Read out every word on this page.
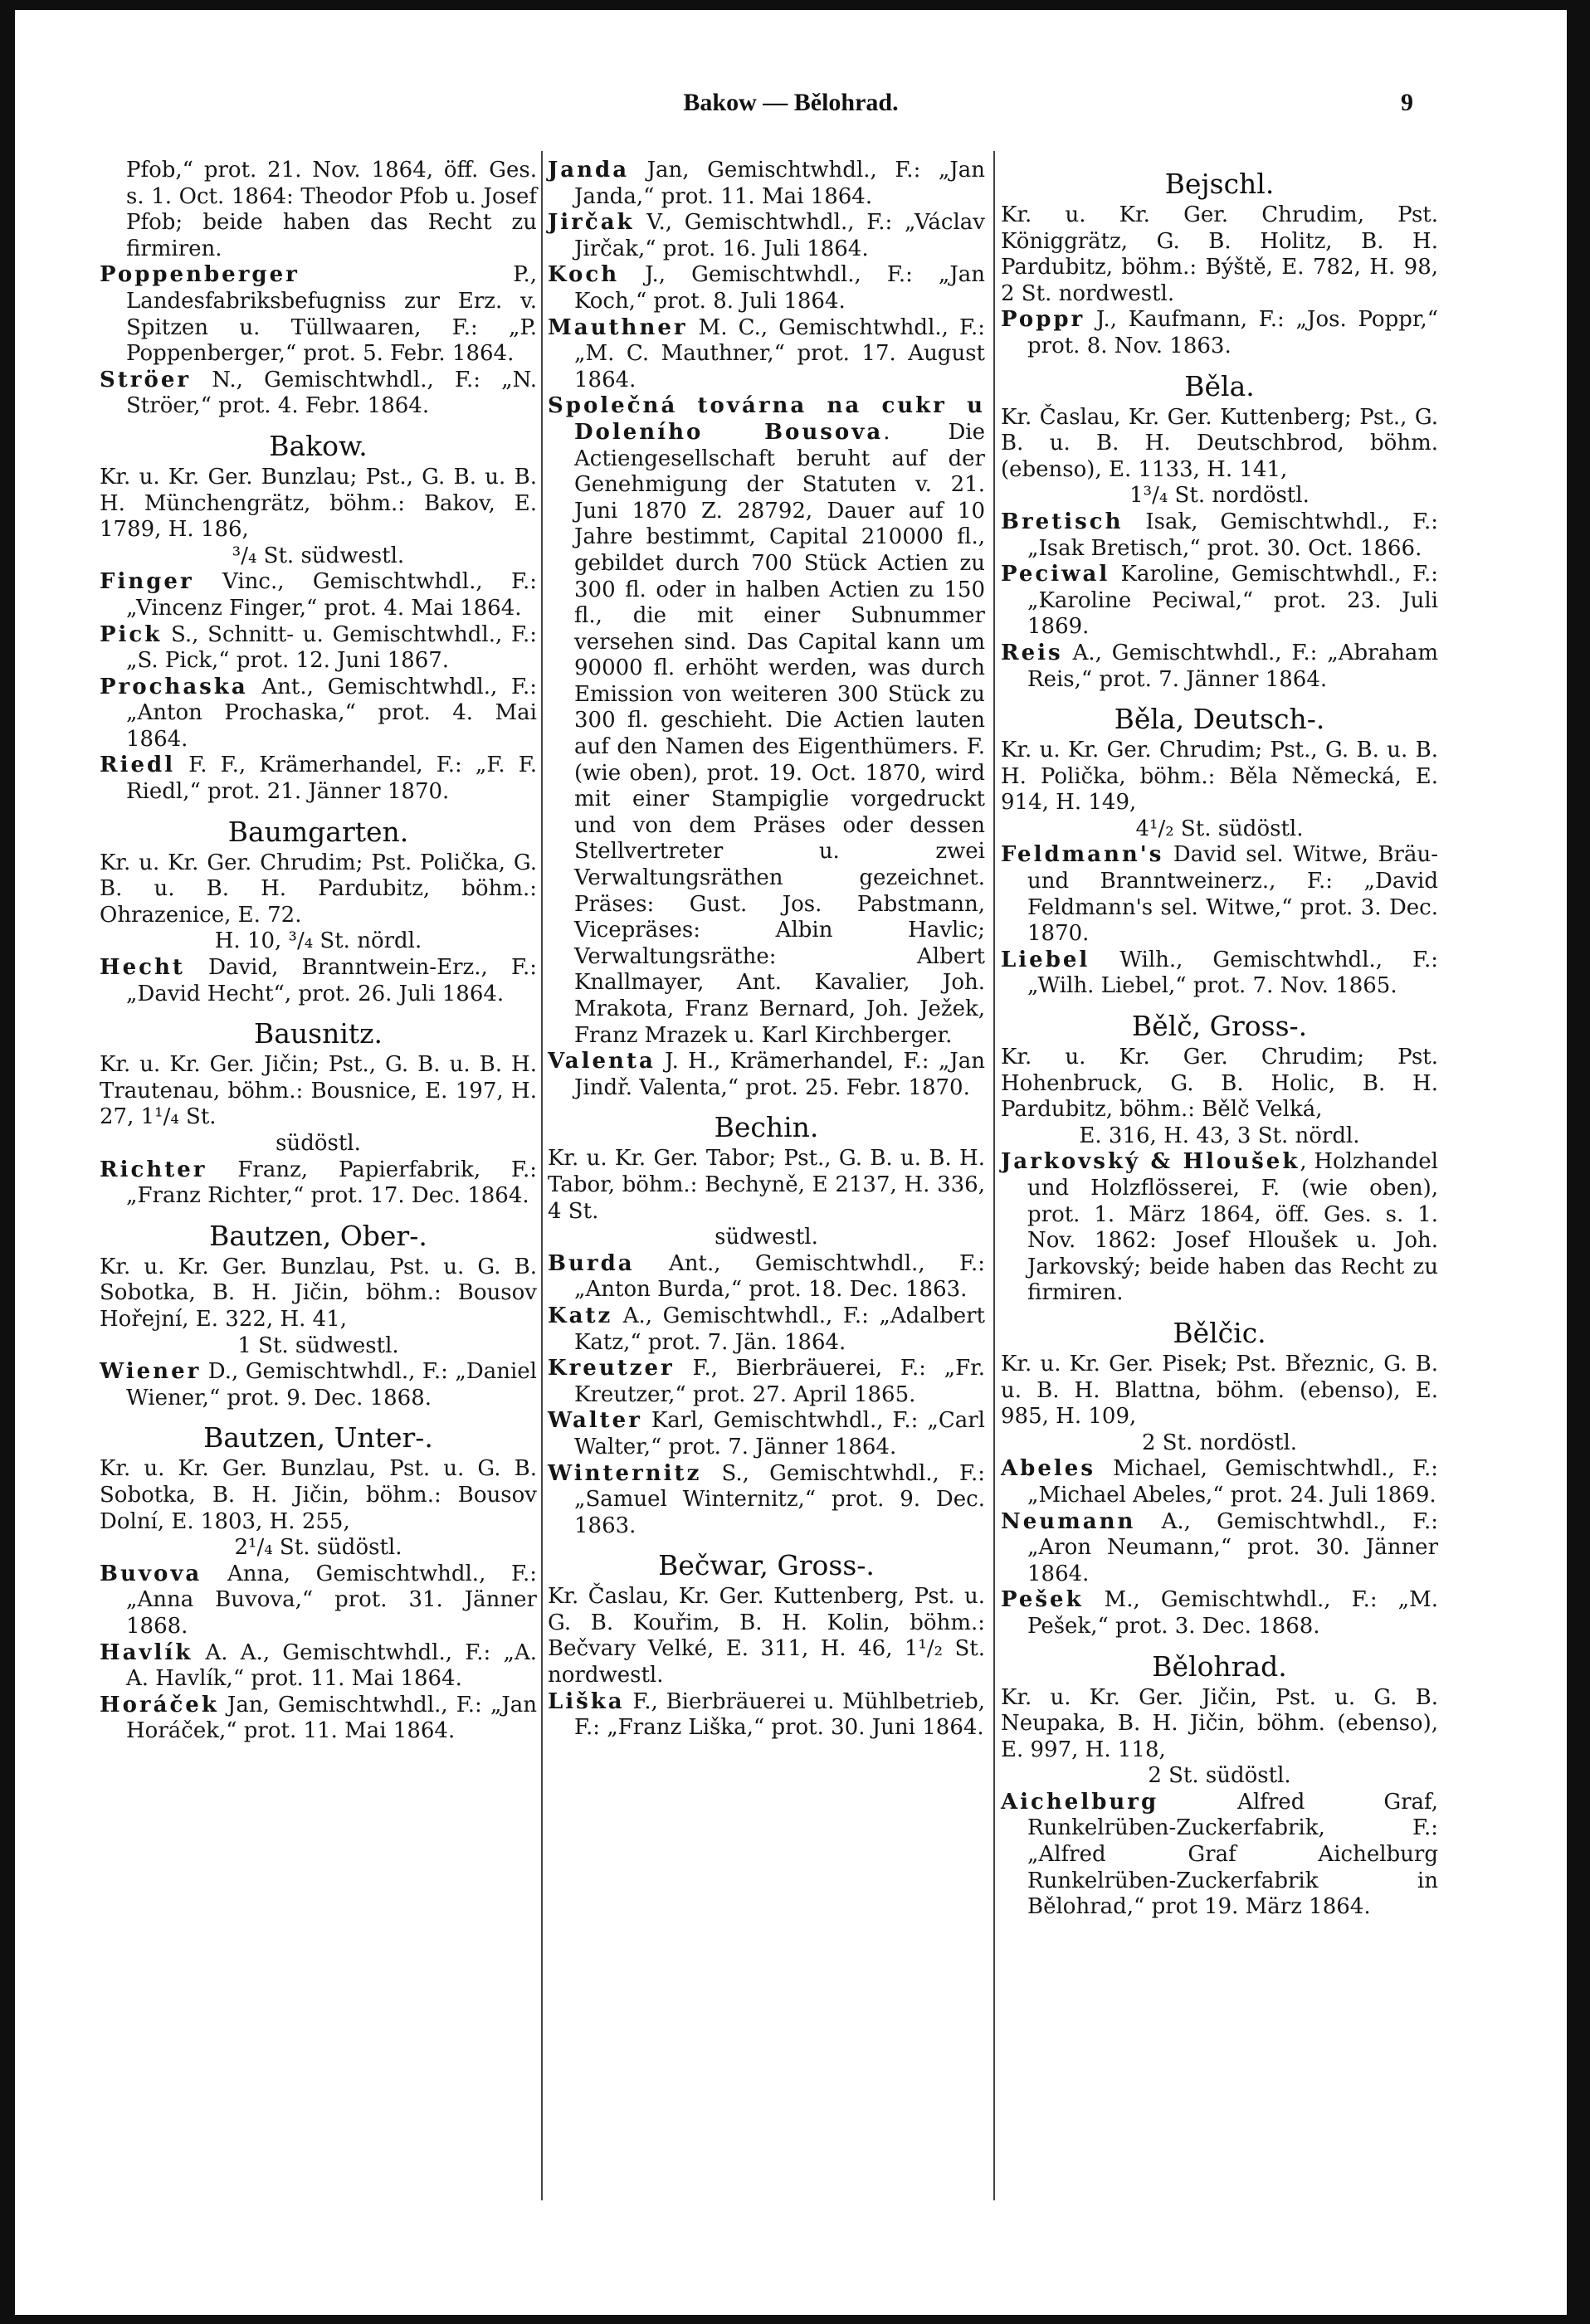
Bakow — Bělohrad.	9

Pfob,“ prot. 21. Nov. 1864, öff. Ges. s. 1. Oct. 1864: Theodor Pfob u. Josef Pfob; beide haben das Recht zu firmiren.

Poppenberger P., Landesfabriksbefugniss zur Erz. v. Spitzen u. Tüllwaaren, F.: „P. Poppenberger,“ prot. 5. Febr. 1864.

Ströer N., Gemischtwhdl., F.: „N. Ströer,“ prot. 4. Febr. 1864.

Bakow.

Kr. u. Kr. Ger. Bunzlau; Pst., G. B. u. B. H. Münchengrätz, böhm.: Bakov, E. 1789, H. 186,
³/₄ St. südwestl.

Finger Vinc., Gemischtwhdl., F.: „Vincenz Finger,“ prot. 4. Mai 1864.

Pick S., Schnitt- u. Gemischtwhdl., F.: „S. Pick,“ prot. 12. Juni 1867.

Prochaska Ant., Gemischtwhdl., F.: „Anton Prochaska,“ prot. 4. Mai 1864.

Riedl F. F., Krämerhandel, F.: „F. F. Riedl,“ prot. 21. Jänner 1870.

Baumgarten.

Kr. u. Kr. Ger. Chrudim; Pst. Polička, G. B. u. B. H. Pardubitz, böhm.: Ohrazenice, E. 72.
H. 10, ³/₄ St. nördl.

Hecht David, Branntwein-Erz., F.: „David Hecht“, prot. 26. Juli 1864.

Bausnitz.

Kr. u. Kr. Ger. Jičin; Pst., G. B. u. B. H. Trautenau, böhm.: Bousnice, E. 197, H. 27, 1¹/₄ St.
südöstl.

Richter Franz, Papierfabrik, F.: „Franz Richter,“ prot. 17. Dec. 1864.

Bautzen, Ober-.

Kr. u. Kr. Ger. Bunzlau, Pst. u. G. B. Sobotka, B. H. Jičin, böhm.: Bousov Hořejní, E. 322, H. 41,
1 St. südwestl.

Wiener D., Gemischtwhdl., F.: „Daniel Wiener,“ prot. 9. Dec. 1868.

Bautzen, Unter-.

Kr. u. Kr. Ger. Bunzlau, Pst. u. G. B. Sobotka, B. H. Jičin, böhm.: Bousov Dolní, E. 1803, H. 255,
2¹/₄ St. südöstl.

Buvova Anna, Gemischtwhdl., F.: „Anna Buvova,“ prot. 31. Jänner 1868.

Havlík A. A., Gemischtwhdl., F.: „A. A. Havlík,“ prot. 11. Mai 1864.

Horáček Jan, Gemischtwhdl., F.: „Jan Horáček,“ prot. 11. Mai 1864.

Janda Jan, Gemischtwhdl., F.: „Jan Janda,“ prot. 11. Mai 1864.

Jirčak V., Gemischtwhdl., F.: „Václav Jirčak,“ prot. 16. Juli 1864.

Koch J., Gemischtwhdl., F.: „Jan Koch,“ prot. 8. Juli 1864.

Mauthner M. C., Gemischtwhdl., F.: „M. C. Mauthner,“ prot. 17. August 1864.

Společná továrna na cukr u Doleního Bousova. Die Actiengesellschaft beruht auf der Genehmigung der Statuten v. 21. Juni 1870 Z. 28792, Dauer auf 10 Jahre bestimmt, Capital 210000 fl., gebildet durch 700 Stück Actien zu 300 fl. oder in halben Actien zu 150 fl., die mit einer Subnummer versehen sind. Das Capital kann um 90000 fl. erhöht werden, was durch Emission von weiteren 300 Stück zu 300 fl. geschieht. Die Actien lauten auf den Namen des Eigenthümers. F. (wie oben), prot. 19. Oct. 1870, wird mit einer Stampiglie vorgedruckt und von dem Präses oder dessen Stellvertreter u. zwei Verwaltungsräthen gezeichnet. Präses: Gust. Jos. Pabstmann, Vicepräses: Albin Havlic; Verwaltungsräthe: Albert Knallmayer, Ant. Kavalier, Joh. Mrakota, Franz Bernard, Joh. Ježek, Franz Mrazek u. Karl Kirchberger.

Valenta J. H., Krämerhandel, F.: „Jan Jindř. Valenta,“ prot. 25. Febr. 1870.

Bechin.

Kr. u. Kr. Ger. Tabor; Pst., G. B. u. B. H. Tabor, böhm.: Bechyně, E 2137, H. 336, 4 St.
südwestl.

Burda Ant., Gemischtwhdl., F.: „Anton Burda,“ prot. 18. Dec. 1863.

Katz A., Gemischtwhdl., F.: „Adalbert Katz,“ prot. 7. Jän. 1864.

Kreutzer F., Bierbräuerei, F.: „Fr. Kreutzer,“ prot. 27. April 1865.

Walter Karl, Gemischtwhdl., F.: „Carl Walter,“ prot. 7. Jänner 1864.

Winternitz S., Gemischtwhdl., F.: „Samuel Winternitz,“ prot. 9. Dec. 1863.

Bečwar, Gross-.

Kr. Časlau, Kr. Ger. Kuttenberg, Pst. u. G. B. Kouřim, B. H. Kolin, böhm.: Bečvary Velké, E. 311, H. 46, 1¹/₂ St. nordwestl.

Liška F., Bierbräuerei u. Mühlbetrieb, F.: „Franz Liška,“ prot. 30. Juni 1864.

Bejschl.

Kr. u. Kr. Ger. Chrudim, Pst. Königgrätz, G. B. Holitz, B. H. Pardubitz, böhm.: Býště, E. 782, H. 98, 2 St. nordwestl.

Poppr J., Kaufmann, F.: „Jos. Poppr,“ prot. 8. Nov. 1863.

Běla.

Kr. Časlau, Kr. Ger. Kuttenberg; Pst., G. B. u. B. H. Deutschbrod, böhm. (ebenso), E. 1133, H. 141,
1³/₄ St. nordöstl.

Bretisch Isak, Gemischtwhdl., F.: „Isak Bretisch,“ prot. 30. Oct. 1866.

Peciwal Karoline, Gemischtwhdl., F.: „Karoline Peciwal,“ prot. 23. Juli 1869.

Reis A., Gemischtwhdl., F.: „Abraham Reis,“ prot. 7. Jänner 1864.

Běla, Deutsch-.

Kr. u. Kr. Ger. Chrudim; Pst., G. B. u. B. H. Polička, böhm.: Běla Německá, E. 914, H. 149,
4¹/₂ St. südöstl.

Feldmann's David sel. Witwe, Bräu- und Branntweinerz., F.: „David Feldmann's sel. Witwe,“ prot. 3. Dec. 1870.

Liebel Wilh., Gemischtwhdl., F.: „Wilh. Liebel,“ prot. 7. Nov. 1865.

Bělč, Gross-.

Kr. u. Kr. Ger. Chrudim; Pst. Hohenbruck, G. B. Holic, B. H. Pardubitz, böhm.: Bělč Velká,
E. 316, H. 43, 3 St. nördl.

Jarkovský & Hloušek, Holzhandel und Holzflösserei, F. (wie oben), prot. 1. März 1864, öff. Ges. s. 1. Nov. 1862: Josef Hloušek u. Joh. Jarkovský; beide haben das Recht zu firmiren.

Bělčic.

Kr. u. Kr. Ger. Pisek; Pst. Březnic, G. B. u. B. H. Blattna, böhm. (ebenso), E. 985, H. 109,
2 St. nordöstl.

Abeles Michael, Gemischtwhdl., F.: „Michael Abeles,“ prot. 24. Juli 1869.

Neumann A., Gemischtwhdl., F.: „Aron Neumann,“ prot. 30. Jänner 1864.

Pešek M., Gemischtwhdl., F.: „M. Pešek,“ prot. 3. Dec. 1868.

Bělohrad.

Kr. u. Kr. Ger. Jičin, Pst. u. G. B. Neupaka, B. H. Jičin, böhm. (ebenso), E. 997, H. 118,
2 St. südöstl.

Aichelburg Alfred Graf, Runkelrüben-Zuckerfabrik, F.: „Alfred Graf Aichelburg Runkelrüben-Zuckerfabrik in Bělohrad,“ prot 19. März 1864.
